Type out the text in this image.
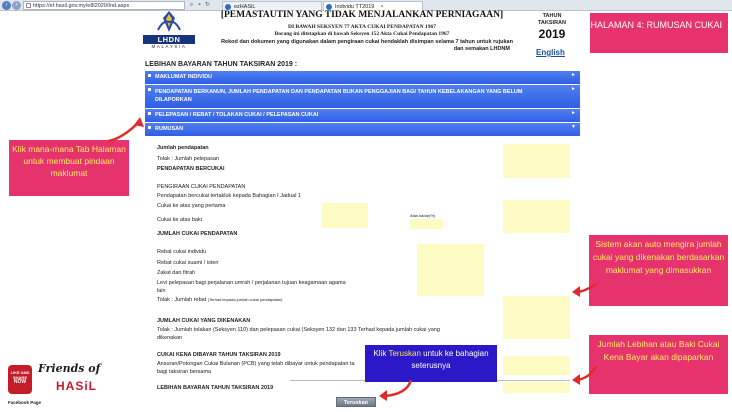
‹	›	https://ef.hasil.gov.my/e8l2020/Ind.aspx	⌕ ▪ ↻	ezHASiL	Individu TT2019 ×
LHDN
MALAYSIA
[PEMASTAUTIN YANG TIDAK MENJALANKAN PERNIAGAAN]
DI BAWAH SEKSYEN 77 AKTA CUKAI PENDAPATAN 1967
Borang ini ditetapkan di bawah Seksyen 152 Akta Cukai Pendapatan 1967
Rekod dan dokumen yang digunakan dalam pengiraan cukai hendaklah disimpan selama 7 tahun untuk rujukan
dan semakan LHDNM
TAHUN
TAKSIRAN
2019
English
HALAMAN 4: RUMUSAN CUKAI
LEBIHAN BAYARAN TAHUN TAKSIRAN 2019 :
MAKLUMAT INDIVIDU	►
PENDAPATAN BERKANUN, JUMLAH PENDAPATAN DAN PENDAPATAN BUKAN PENGGAJIAN BAGI TAHUN KEBELAKANGAN YANG BELUM DILAPORKAN
►
PELEPASAN / REBAT / TOLAKAN CUKAI / PELEPASAN CUKAI	►
RUMUSAN	▼
Jumlah pendapatan
Tolak : Jumlah pelepasan
PENDAPATAN BERCUKAI
PENGIRAAN CUKAI PENDAPATAN
Pendapatan bercukai tertakluk kepada Bahagian I Jadual 1
Cukai ke atas yang pertama
Atas kadar(%)
Cukai ke atas baki
JUMLAH CUKAI PENDAPATAN
Rebat cukai individu
Rebat cukai suami / isteri
Zakat dan fitrah
Levi pelepasan bagi perjalanan umrah / perjalanan tujuan keagamaan agama
lain
Tolak : Jumlah rebat (Terhad kepada jumlah cukai pendapatan)
JUMLAH CUKAI YANG DIKENAKAN
Tolak : Jumlah tolakan (Seksyen 110) dan pelepasan cukai (Seksyen 132 dan 133 Terhad kepada jumlah cukai yang
dikenakan
CUKAI KENA DIBAYAR TAHUN TAKSIRAN 2019
Ansuran/Potongan Cukai Bulanan (PCB) yang telah dibayar untuk pendapatan ta
bagi taksiran bersama
LEBIHAN BAYARAN TAHUN TAKSIRAN 2019
Teruskan
Klik mana-mana Tab Halaman untuk membuat pindaan maklumat
Sistem akan auto mengira jumlah cukai yang dikenakan berdasarkan maklumat yang dimasukkan
Jumlah Lebihan atau Baki Cukai Kena Bayar akan dipaparkan
Klik Teruskan untuk ke bahagian seterusnya
LIKE AND
SHARE
NOW
Facebook Page
Friends of
HASiL
